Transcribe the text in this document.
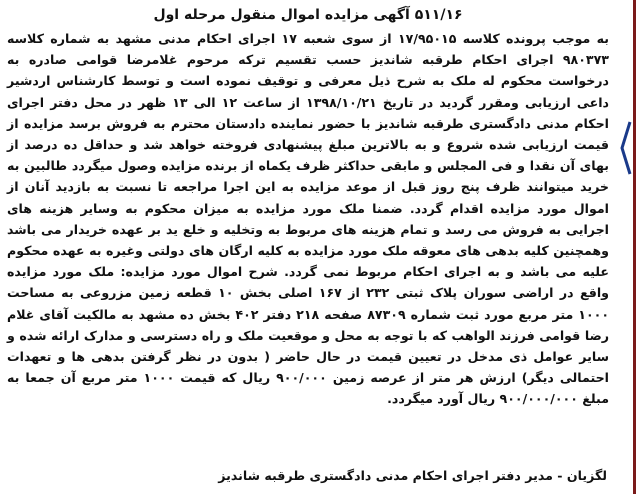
۵۱۱/۱۶ آگهی مزایده اموال منقول مرحله اول

به موجب پرونده کلاسه ۱۷/۹۵۰۱۵ از سوی شعبه ۱۷ اجرای احکام مدنی مشهد به شماره کلاسه ۹۸۰۳۷۳ اجرای احکام طرقبه شاندیز حسب تقسیم ترکه مرحوم غلامرضا قوامی صادره به درخواست محکوم له ملک به شرح ذیل معرفی و توقیف نموده است و توسط کارشناس اردشیر داعی ارزیابی ومقرر گردید در تاریخ ۱۳۹۸/۱۰/۲۱ از ساعت ۱۲ الی ۱۳ ظهر در محل دفتر اجرای احکام مدنی دادگستری طرقبه شاندیز با حضور نماینده دادستان محترم به فروش برسد مزایده از قیمت ارزیابی شده شروع و به بالاترین مبلغ پیشنهادی فروخته خواهد شد و حداقل ده درصد از بهای آن نقدا و فی المجلس و مابقی حداکثر ظرف یکماه از برنده مزایده وصول میگردد طالبین به خرید میتوانند ظرف پنج روز قبل از موعد مزایده به این اجرا مراجعه تا نسبت به بازدید آنان از اموال مورد مزایده اقدام گردد. ضمنا ملک مورد مزایده به میزان محکوم به وسایر هزینه های اجرایی به فروش می رسد و تمام هزینه های مربوط به وتخلیه و خلع ید بر عهده خریدار می باشد وهمچنین کلیه بدهی های معوقه ملک مورد مزایده به کلیه ارگان های دولتی وغیره به عهده محکوم علیه می باشد و به اجرای احکام مربوط نمی گردد. شرح اموال مورد مزایده: ملک مورد مزایده واقع در اراضی سوران پلاک ثبتی ۲۳۲ از ۱۶۷ اصلی بخش ۱۰ قطعه زمین مزروعی به مساحت ۱۰۰۰ متر مربع مورد ثبت شماره ۸۷۳۰۹ صفحه ۲۱۸ دفتر ۴۰۲ بخش ده مشهد به مالکیت آقای غلام رضا قوامی فرزند الواهب که با توجه به محل و موقعیت ملک و راه دسترسی و مدارک ارائه شده و سایر عوامل ذی مدخل در تعیین قیمت در حال حاضر ( بدون در نظر گرفتن بدهی ها و تعهدات احتمالی دیگر) ارزش هر متر از عرصه زمین ۹۰۰/۰۰۰ ریال که قیمت ۱۰۰۰ متر مربع آن جمعا به مبلغ ۹۰۰/۰۰۰/۰۰۰ ریال آورد میگردد.

لگزیان - مدیر دفتر اجرای احکام مدنی دادگستری طرقبه شاندیز
